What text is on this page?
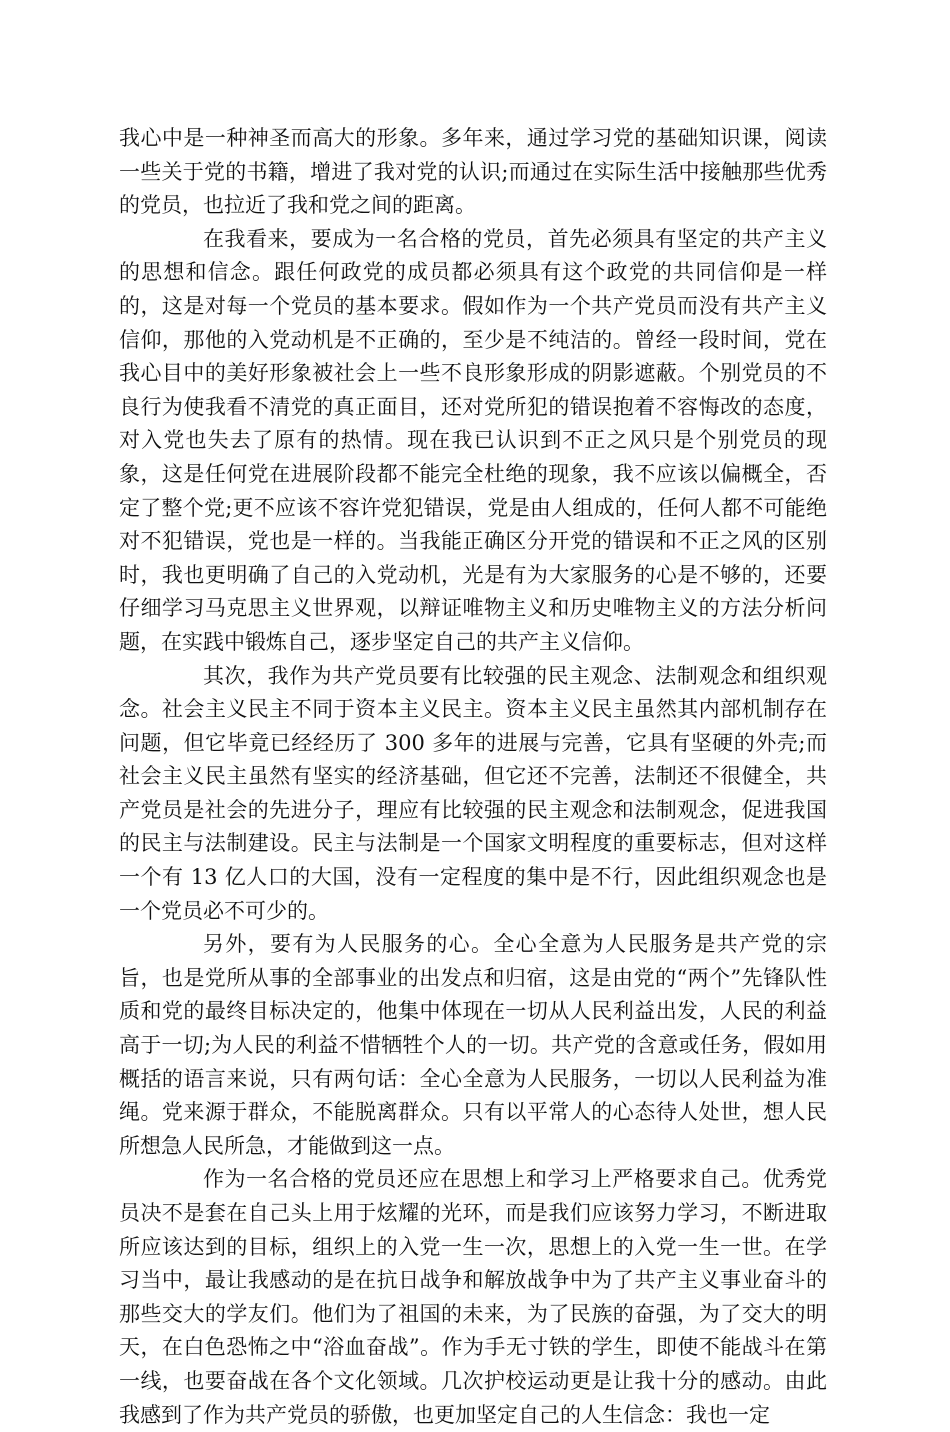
我心中是一种神圣而高大的形象。多年来，通过学习党的基础知识课，阅读一些关于党的书籍，增进了我对党的认识;而通过在实际生活中接触那些优秀的党员，也拉近了我和党之间的距离。

在我看来，要成为一名合格的党员，首先必须具有坚定的共产主义的思想和信念。跟任何政党的成员都必须具有这个政党的共同信仰是一样的，这是对每一个党员的基本要求。假如作为一个共产党员而没有共产主义信仰，那他的入党动机是不正确的，至少是不纯洁的。曾经一段时间，党在我心目中的美好形象被社会上一些不良形象形成的阴影遮蔽。个别党员的不良行为使我看不清党的真正面目，还对党所犯的错误抱着不容悔改的态度，对入党也失去了原有的热情。现在我已认识到不正之风只是个别党员的现象，这是任何党在进展阶段都不能完全杜绝的现象，我不应该以偏概全，否定了整个党;更不应该不容许党犯错误，党是由人组成的，任何人都不可能绝对不犯错误，党也是一样的。当我能正确区分开党的错误和不正之风的区别时，我也更明确了自己的入党动机，光是有为大家服务的心是不够的，还要仔细学习马克思主义世界观，以辩证唯物主义和历史唯物主义的方法分析问题，在实践中锻炼自己，逐步坚定自己的共产主义信仰。

其次，我作为共产党员要有比较强的民主观念、法制观念和组织观念。社会主义民主不同于资本主义民主。资本主义民主虽然其内部机制存在问题，但它毕竟已经经历了 300 多年的进展与完善，它具有坚硬的外壳;而社会主义民主虽然有坚实的经济基础，但它还不完善，法制还不很健全，共产党员是社会的先进分子，理应有比较强的民主观念和法制观念，促进我国的民主与法制建设。民主与法制是一个国家文明程度的重要标志，但对这样一个有 13 亿人口的大国，没有一定程度的集中是不行，因此组织观念也是一个党员必不可少的。

另外，要有为人民服务的心。全心全意为人民服务是共产党的宗旨，也是党所从事的全部事业的出发点和归宿，这是由党的“两个”先锋队性质和党的最终目标决定的，他集中体现在一切从人民利益出发，人民的利益高于一切;为人民的利益不惜牺牲个人的一切。共产党的含意或任务，假如用概括的语言来说，只有两句话：全心全意为人民服务，一切以人民利益为准绳。党来源于群众，不能脱离群众。只有以平常人的心态待人处世，想人民所想急人民所急，才能做到这一点。

作为一名合格的党员还应在思想上和学习上严格要求自己。优秀党员决不是套在自己头上用于炫耀的光环，而是我们应该努力学习，不断进取所应该达到的目标，组织上的入党一生一次，思想上的入党一生一世。在学习当中，最让我感动的是在抗日战争和解放战争中为了共产主义事业奋斗的那些交大的学友们。他们为了祖国的未来，为了民族的奋强，为了交大的明天，在白色恐怖之中“浴血奋战”。作为手无寸铁的学生，即使不能战斗在第一线，也要奋战在各个文化领域。几次护校运动更是让我十分的感动。由此我感到了作为共产党员的骄傲，也更加坚定自己的人生信念：我也一定
